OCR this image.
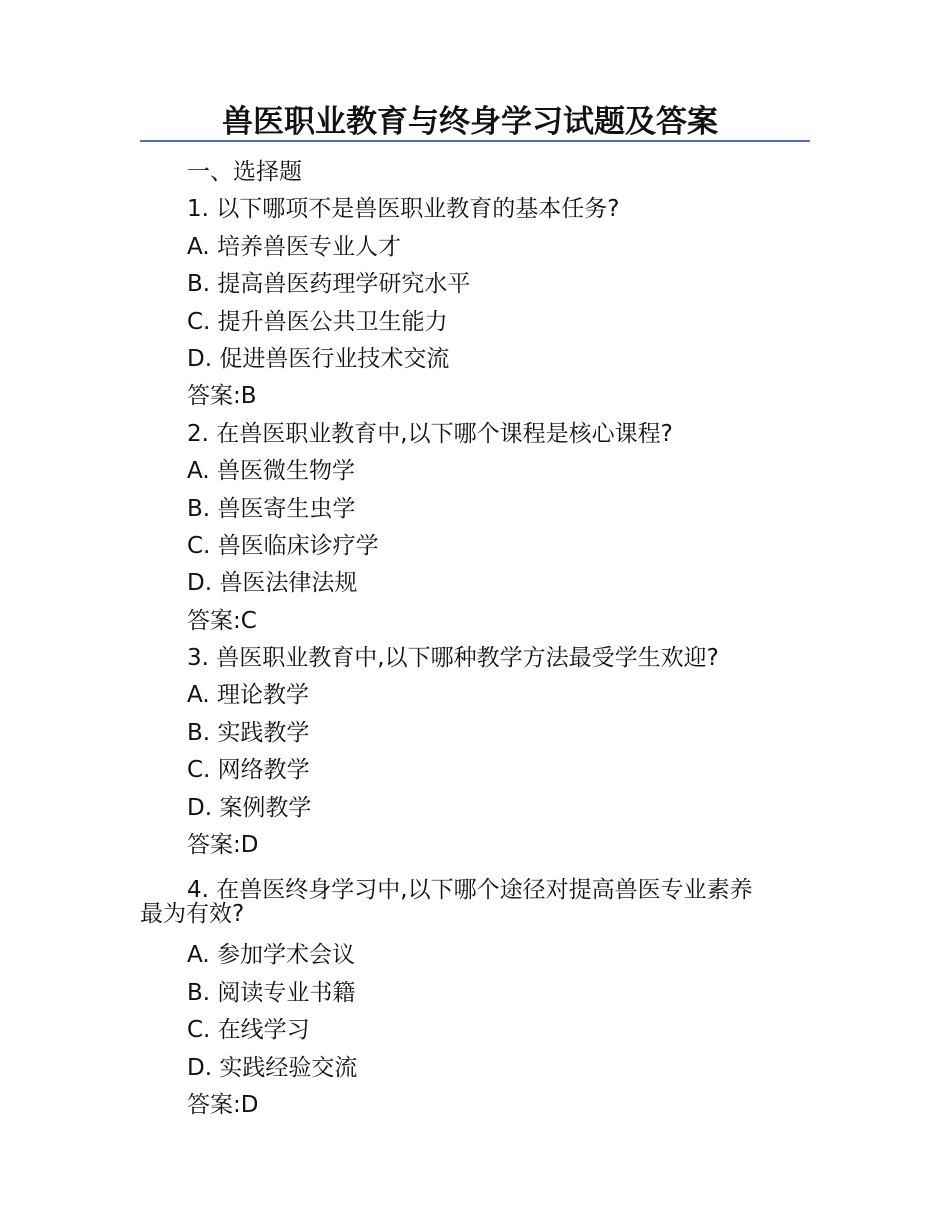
兽医职业教育与终身学习试题及答案
一、选择题
1. 以下哪项不是兽医职业教育的基本任务?
A. 培养兽医专业人才
B. 提高兽医药理学研究水平
C. 提升兽医公共卫生能力
D. 促进兽医行业技术交流
答案:B
2. 在兽医职业教育中,以下哪个课程是核心课程?
A. 兽医微生物学
B. 兽医寄生虫学
C. 兽医临床诊疗学
D. 兽医法律法规
答案:C
3. 兽医职业教育中,以下哪种教学方法最受学生欢迎?
A. 理论教学
B. 实践教学
C. 网络教学
D. 案例教学
答案:D
4. 在兽医终身学习中,以下哪个途径对提高兽医专业素养
最为有效?
A. 参加学术会议
B. 阅读专业书籍
C. 在线学习
D. 实践经验交流
答案:D
